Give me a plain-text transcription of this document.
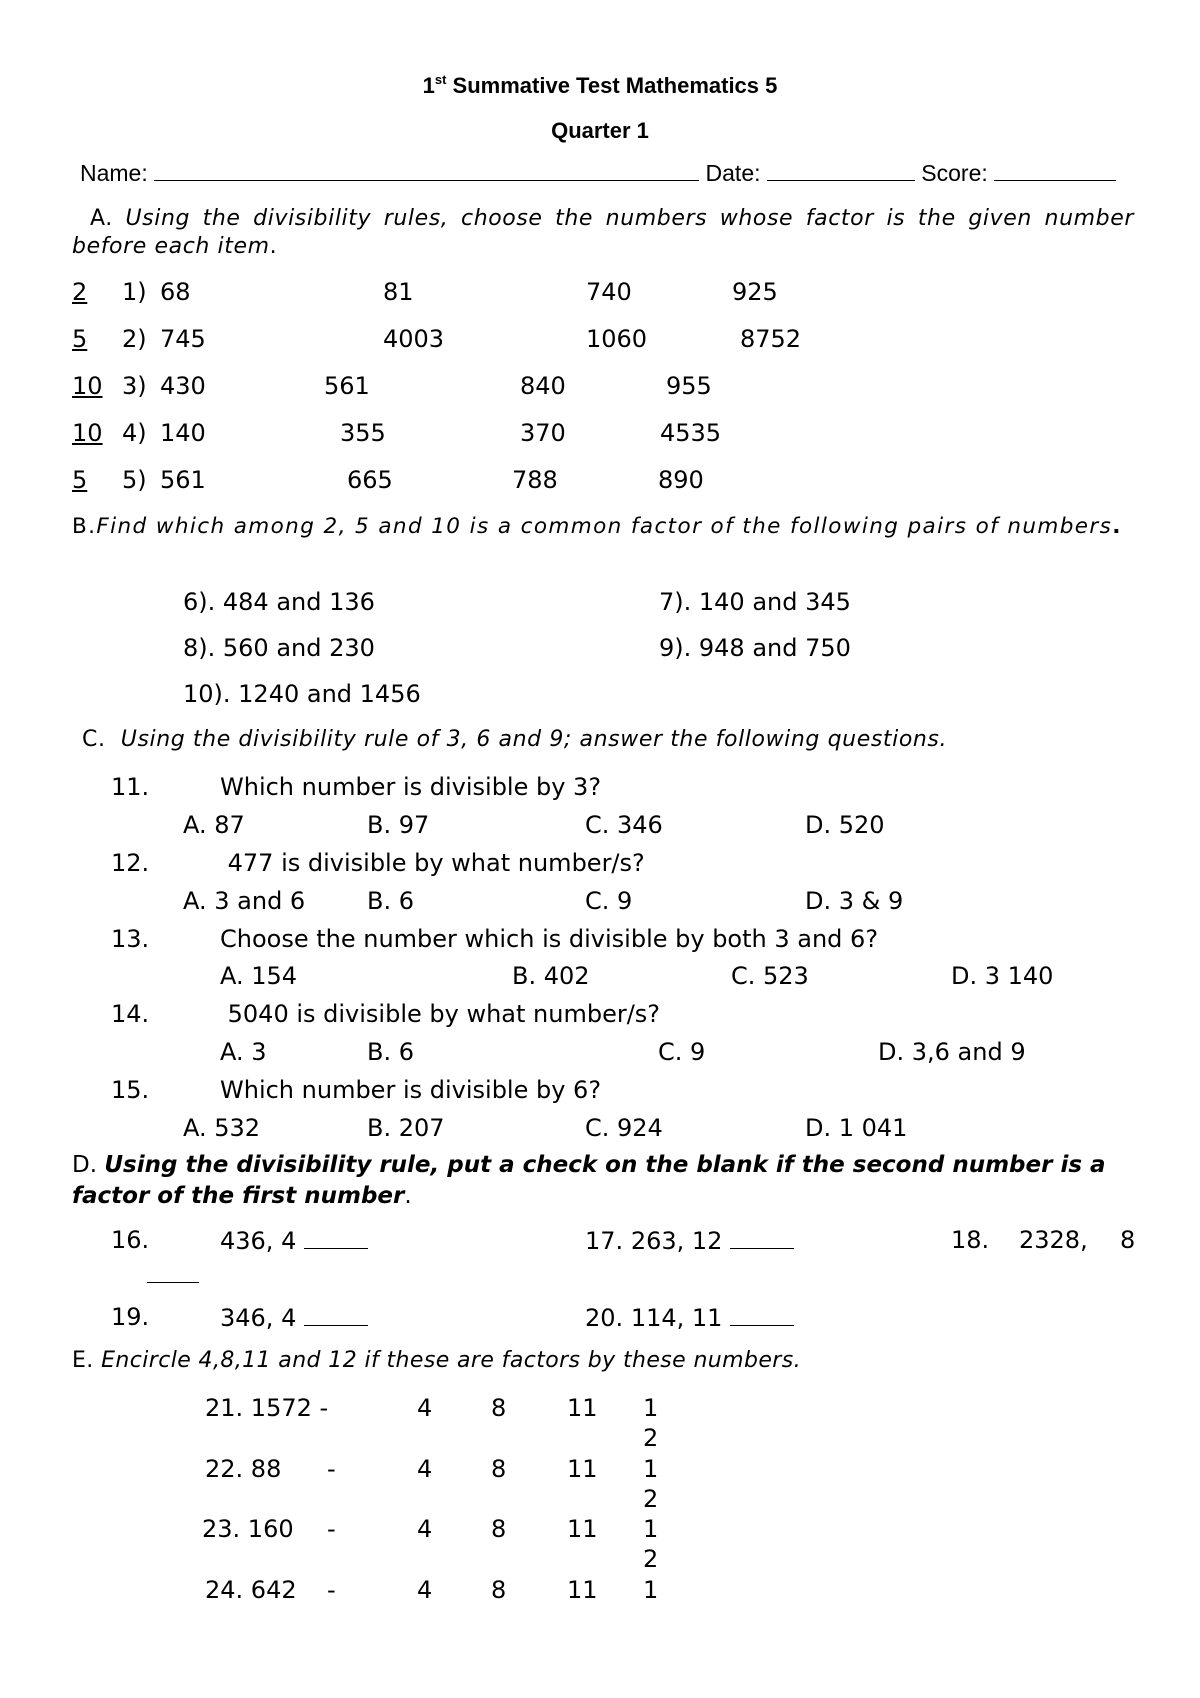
1st Summative Test Mathematics 5
Quarter 1
Name:	Date:	Score:
A. Using the divisibility rules, choose the numbers whose factor is the given number before each item.
2 1) 68	81	740	925
5 2) 745	4003	1060	8752
10 3) 430	561	840	955
10 4) 140	355	370	4535
5 5) 561	665	788	890
B.Find which among 2, 5 and 10 is a common factor of the following pairs of numbers.
6). 484 and 136	7). 140 and 345
8). 560 and 230	9). 948 and 750
10). 1240 and 1456
C. Using the divisibility rule of 3, 6 and 9; answer the following questions.
11.	Which number is divisible by 3?
A. 87	B. 97	C. 346	D. 520
12.	477 is divisible by what number/s?
A. 3 and 6	B. 6	C. 9	D. 3 & 9
13.	Choose the number which is divisible by both 3 and 6?
A. 154	B. 402	C. 523	D. 3 140
14.	5040 is divisible by what number/s?
A. 3	B. 6	C. 9	D. 3,6 and 9
15.	Which number is divisible by 6?
A. 532	B. 207	C. 924	D. 1 041
D. Using the divisibility rule, put a check on the blank if the second number is a factor of the first number.
16.	436, 4	17. 263, 12	18. 2328, 8
19.	346, 4	20. 114, 11
E. Encircle 4,8,11 and 12 if these are factors by these numbers.
21. 1572 -	4 8	11 1
2
22. 88 -	4 8	11 1
2
23. 160 -	4 8	11 1
2
24. 642 -	4 8	11 1
